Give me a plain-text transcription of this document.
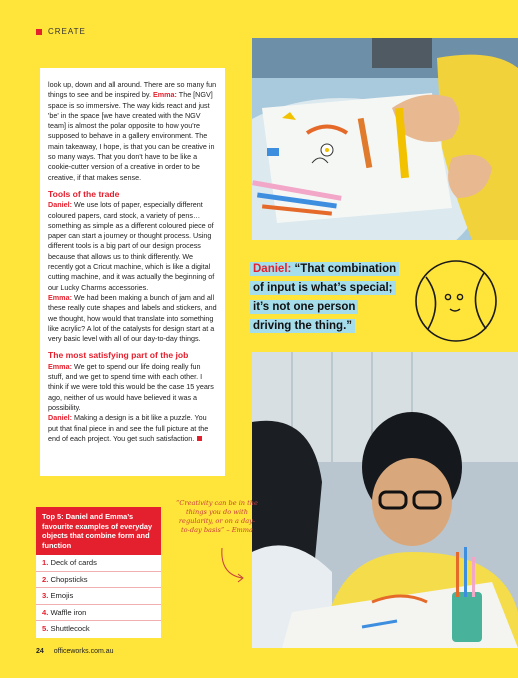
CREATE

look up, down and all around. There are so many fun things to see and be inspired by. Emma: The [NGV] space is so immersive. The way kids react and just 'be' in the space [we have created with the NGV team] is almost the polar opposite to how you're supposed to behave in a gallery environment. The main takeaway, I hope, is that you can be creative in so many ways. That you don't have to be like a cookie-cutter version of a creative in order to be creative, if that makes sense.

Tools of the trade

Daniel: We use lots of paper, especially different coloured papers, card stock, a variety of pens… something as simple as a different coloured piece of paper can start a journey or thought process. Using different tools is a big part of our design process because that allows us to think differently. We recently got a Cricut machine, which is like a digital cutting machine, and it was actually the beginning of our Lucky Charms accessories.

Emma: We had been making a bunch of jam and all these really cute shapes and labels and stickers, and we thought, how would that translate into something like acrylic? A lot of the catalysts for design start at a very basic level with all of our day-to-day things.

The most satisfying part of the job

Emma: We get to spend our life doing really fun stuff, and we get to spend time with each other. I think if we were told this would be the case 15 years ago, neither of us would have believed it was a possibility.

Daniel: Making a design is a bit like a puzzle. You put that final piece in and see the full picture at the end of each project. You get such satisfaction.

Daniel: “That combination
of input is what’s special;
it’s not one person
driving the thing.”
“Creativity can be in the things you do with regularity, or on a day-to-day basis” – Emma
Top 5: Daniel and Emma’s favourite examples of everyday objects that combine form and function
1. Deck of cards
2. Chopsticks
3. Emojis
4. Waffle iron
5. Shuttlecock
24 officeworks.com.au
